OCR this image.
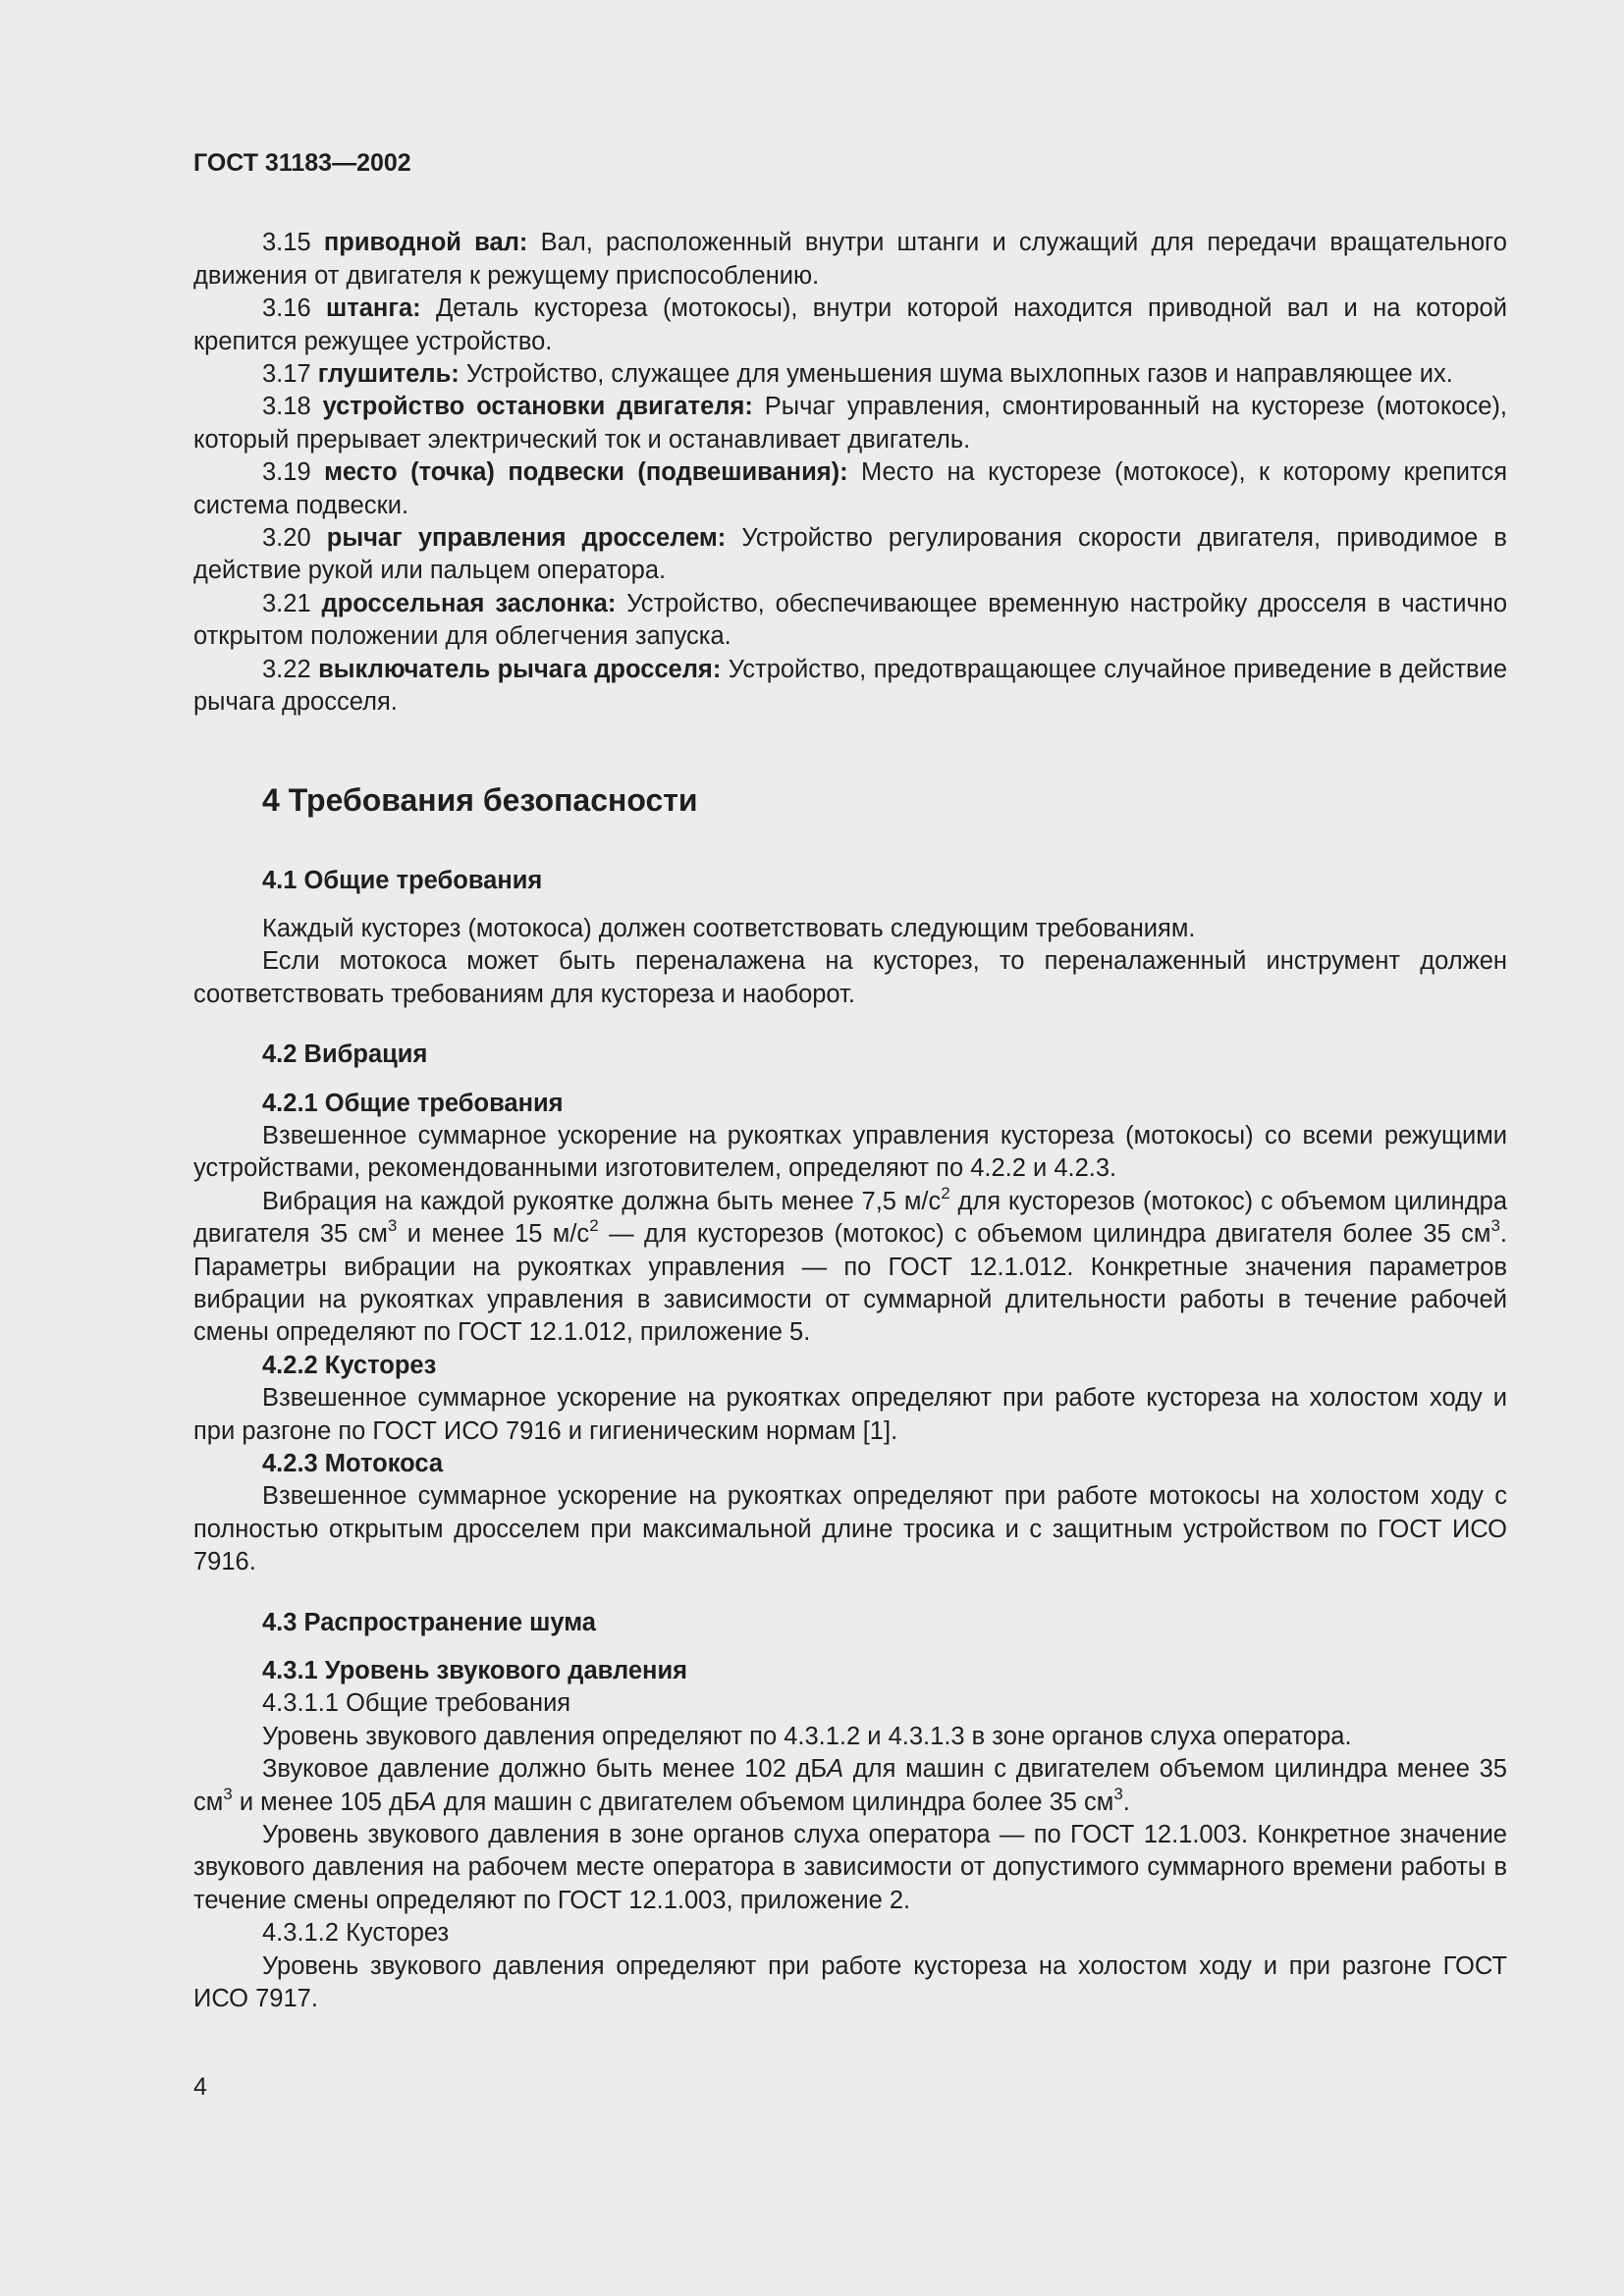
ГОСТ 31183—2002

3.15 приводной вал: Вал, расположенный внутри штанги и служащий для передачи вращательного движения от двигателя к режущему приспособлению.

3.16 штанга: Деталь кустореза (мотокосы), внутри которой находится приводной вал и на которой крепится режущее устройство.

3.17 глушитель: Устройство, служащее для уменьшения шума выхлопных газов и направляющее их.

3.18 устройство остановки двигателя: Рычаг управления, смонтированный на кусторезе (мотокосе), который прерывает электрический ток и останавливает двигатель.

3.19 место (точка) подвески (подвешивания): Место на кусторезе (мотокосе), к которому крепится система подвески.

3.20 рычаг управления дросселем: Устройство регулирования скорости двигателя, приводимое в действие рукой или пальцем оператора.

3.21 дроссельная заслонка: Устройство, обеспечивающее временную настройку дросселя в частично открытом положении для облегчения запуска.

3.22 выключатель рычага дросселя: Устройство, предотвращающее случайное приведение в действие рычага дросселя.

4 Требования безопасности

4.1 Общие требования

Каждый кусторез (мотокоса) должен соответствовать следующим требованиям.

Если мотокоса может быть переналажена на кусторез, то переналаженный инструмент должен соответствовать требованиям для кустореза и наоборот.

4.2 Вибрация

4.2.1 Общие требования

Взвешенное суммарное ускорение на рукоятках управления кустореза (мотокосы) со всеми режущими устройствами, рекомендованными изготовителем, определяют по 4.2.2 и 4.2.3.

Вибрация на каждой рукоятке должна быть менее 7,5 $м/с^2$ для кусторезов (мотокос) с объемом цилиндра двигателя 35 $см^3$ и менее 15 $м/с^2$ — для кусторезов (мотокос) с объемом цилиндра двигателя более 35 $см^3$. Параметры вибрации на рукоятках управления — по ГОСТ 12.1.012. Конкретные значения параметров вибрации на рукоятках управления в зависимости от суммарной длительности работы в течение рабочей смены определяют по ГОСТ 12.1.012, приложение 5.

4.2.2 Кусторез

Взвешенное суммарное ускорение на рукоятках определяют при работе кустореза на холостом ходу и при разгоне по ГОСТ ИСО 7916 и гигиеническим нормам [1].

4.2.3 Мотокоса

Взвешенное суммарное ускорение на рукоятках определяют при работе мотокосы на холостом ходу с полностью открытым дросселем при максимальной длине тросика и с защитным устройством по ГОСТ ИСО 7916.

4.3 Распространение шума

4.3.1 Уровень звукового давления

4.3.1.1 Общие требования

Уровень звукового давления определяют по 4.3.1.2 и 4.3.1.3 в зоне органов слуха оператора.

Звуковое давление должно быть менее 102 дБА для машин с двигателем объемом цилиндра менее 35 $см^3$ и менее 105 дБА для машин с двигателем объемом цилиндра более 35 $см^3$.

Уровень звукового давления в зоне органов слуха оператора — по ГОСТ 12.1.003. Конкретное значение звукового давления на рабочем месте оператора в зависимости от допустимого суммарного времени работы в течение смены определяют по ГОСТ 12.1.003, приложение 2.

4.3.1.2 Кусторез

Уровень звукового давления определяют при работе кустореза на холостом ходу и при разгоне ГОСТ ИСО 7917.

4
